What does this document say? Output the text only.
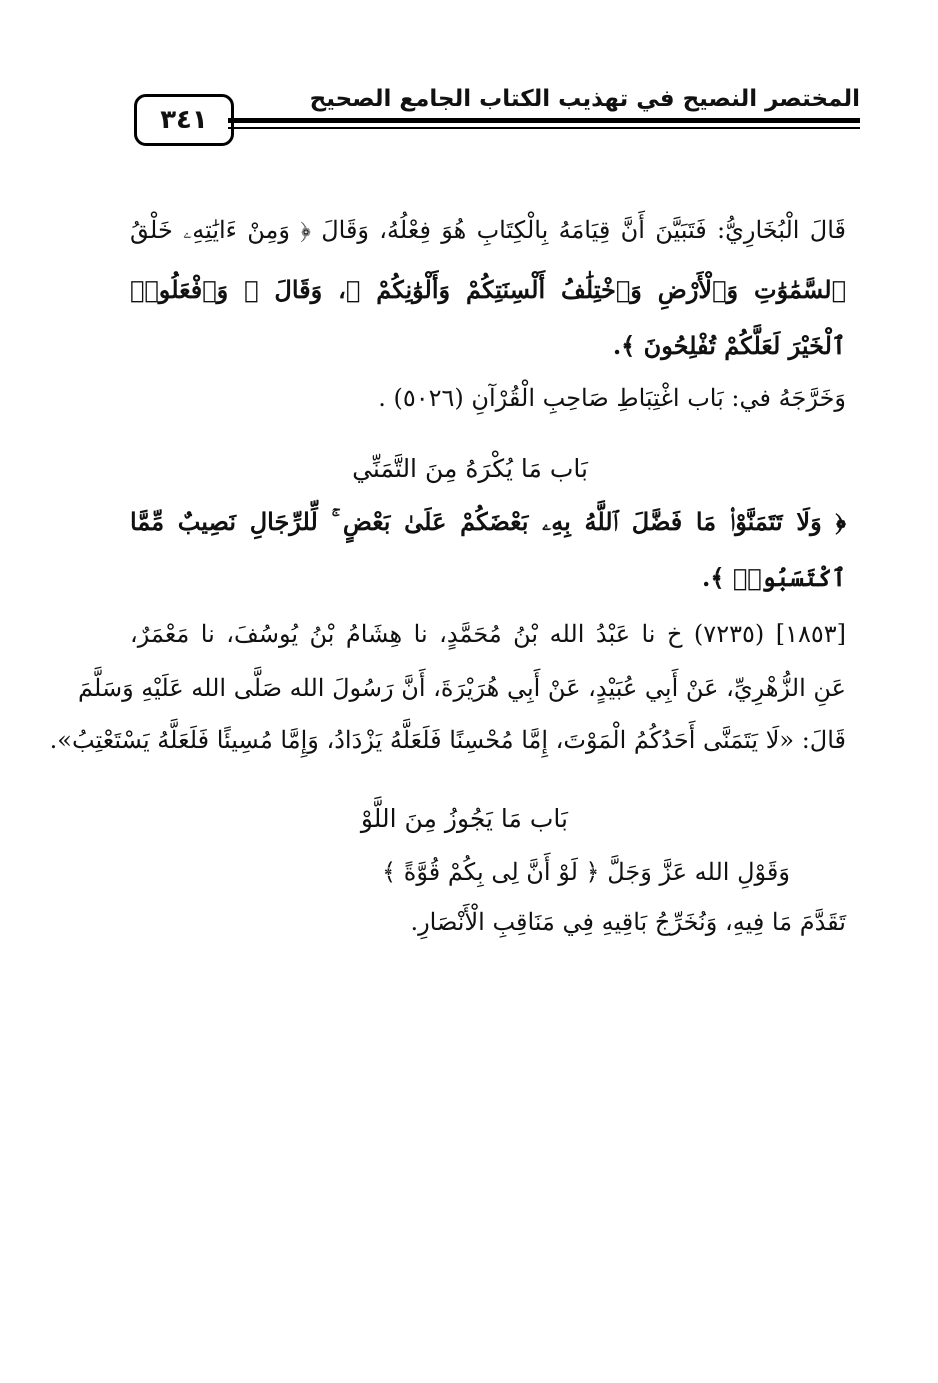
المختصر النصيح في تهذيب الكتاب الجامع الصحيح
٣٤١
قَالَ الْبُخَارِيُّ: فَتَبَيَّنَ أَنَّ قِيَامَهُ بِالْكِتَابِ هُوَ فِعْلُهُ، وَقَالَ ﴿ وَمِنْ ءَايَٰتِهِۦ خَلْقُ
ٱلسَّمَٰوَٰتِ وَٱلْأَرْضِ وَٱخْتِلَٰفُ أَلْسِنَتِكُمْ وَأَلْوَٰنِكُمْ ﴾، وَقَالَ ﴿ وَٱفْعَلُوا۟
ٱلْخَيْرَ لَعَلَّكُمْ تُفْلِحُونَ ﴾.
وَخَرَّجَهُ في: بَاب اغْتِبَاطِ صَاحِبِ الْقُرْآنِ (٥٠٢٦) .
بَاب مَا يُكْرَهُ مِنَ التَّمَنِّي
﴿ وَلَا تَتَمَنَّوْا۟ مَا فَضَّلَ ٱللَّهُ بِهِۦ بَعْضَكُمْ عَلَىٰ بَعْضٍ ۚ لِّلرِّجَالِ نَصِيبٌ مِّمَّا
ٱكْتَسَبُوا۟ ﴾.
[١٨٥٣] (٧٢٣٥) خ نا عَبْدُ الله بْنُ مُحَمَّدٍ، نا هِشَامُ بْنُ يُوسُفَ، نا مَعْمَرٌ،
عَنِ الزُّهْرِيِّ، عَنْ أَبِي عُبَيْدٍ، عَنْ أَبِي هُرَيْرَةَ، أَنَّ رَسُولَ الله صَلَّى الله عَلَيْهِ وَسَلَّمَ
قَالَ: «لَا يَتَمَنَّى أَحَدُكُمُ الْمَوْتَ، إِمَّا مُحْسِنًا فَلَعَلَّهُ يَزْدَادُ، وَإِمَّا مُسِيئًا فَلَعَلَّهُ يَسْتَعْتِبُ».
بَاب مَا يَجُوزُ مِنَ اللَّوْ
وَقَوْلِ الله عَزَّ وَجَلَّ ﴿ لَوْ أَنَّ لِى بِكُمْ قُوَّةً ﴾
تَقَدَّمَ مَا فِيهِ، وَنُخَرِّجُ بَاقِيهِ فِي مَنَاقِبِ الْأَنْصَارِ.
